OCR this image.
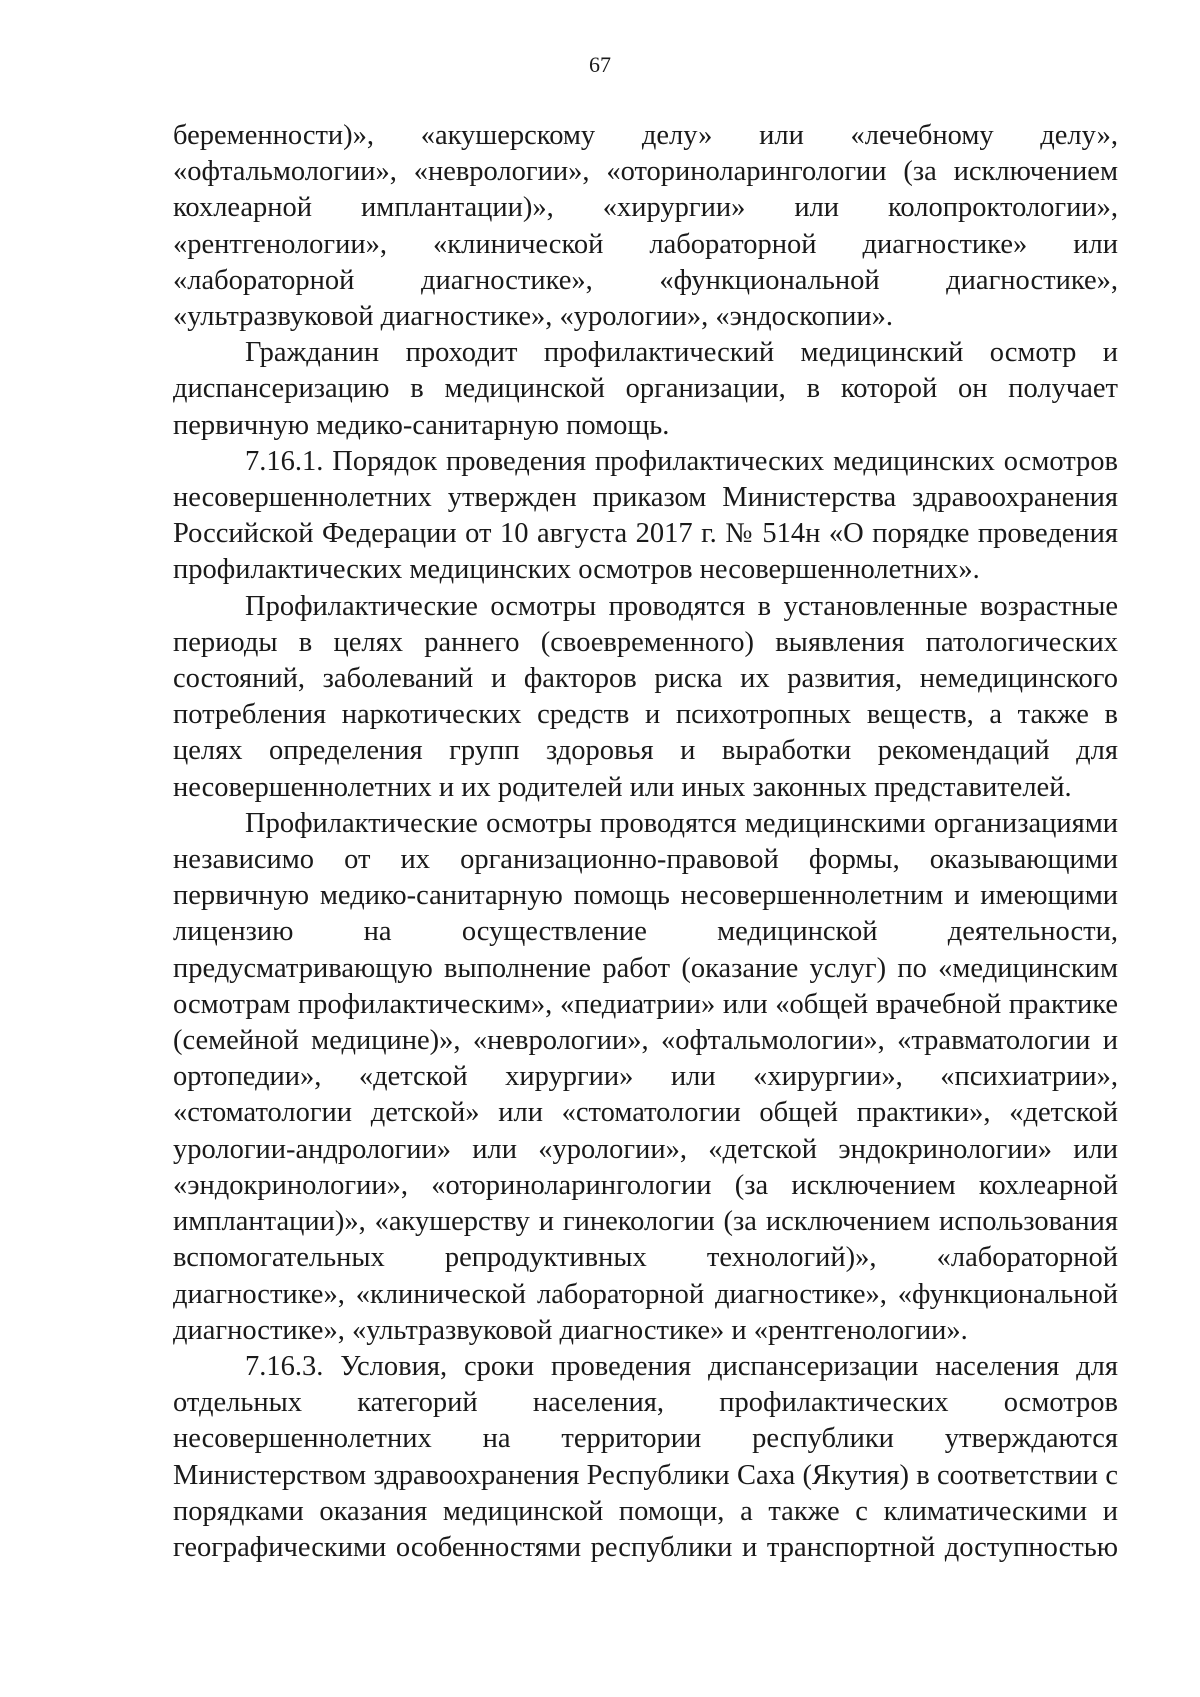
67

беременности)», «акушерскому делу» или «лечебному делу», «офтальмологии», «неврологии», «оториноларингологии (за исключением кохлеарной имплантации)», «хирургии» или колопроктологии», «рентгенологии», «клинической лабораторной диагностике» или «лабораторной диагностике», «функциональной диагностике», «ультразвуковой диагностике», «урологии», «эндоскопии».

Гражданин проходит профилактический медицинский осмотр и диспансеризацию в медицинской организации, в которой он получает первичную медико-санитарную помощь.

7.16.1. Порядок проведения профилактических медицинских осмотров несовершеннолетних утвержден приказом Министерства здравоохранения Российской Федерации от 10 августа 2017 г. № 514н «О порядке проведения профилактических медицинских осмотров несовершеннолетних».

Профилактические осмотры проводятся в установленные возрастные периоды в целях раннего (своевременного) выявления патологических состояний, заболеваний и факторов риска их развития, немедицинского потребления наркотических средств и психотропных веществ, а также в целях определения групп здоровья и выработки рекомендаций для несовершеннолетних и их родителей или иных законных представителей.

Профилактические осмотры проводятся медицинскими организациями независимо от их организационно-правовой формы, оказывающими первичную медико-санитарную помощь несовершеннолетним и имеющими лицензию на осуществление медицинской деятельности, предусматривающую выполнение работ (оказание услуг) по «медицинским осмотрам профилактическим», «педиатрии» или «общей врачебной практике (семейной медицине)», «неврологии», «офтальмологии», «травматологии и ортопедии», «детской хирургии» или «хирургии», «психиатрии», «стоматологии детской» или «стоматологии общей практики», «детской урологии-андрологии» или «урологии», «детской эндокринологии» или «эндокринологии», «оториноларингологии (за исключением кохлеарной имплантации)», «акушерству и гинекологии (за исключением использования вспомогательных репродуктивных технологий)», «лабораторной диагностике», «клинической лабораторной диагностике», «функциональной диагностике», «ультразвуковой диагностике» и «рентгенологии».

7.16.3. Условия, сроки проведения диспансеризации населения для отдельных категорий населения, профилактических осмотров несовершеннолетних на территории республики утверждаются Министерством здравоохранения Республики Саха (Якутия) в соответствии с порядками оказания медицинской помощи, а также с климатическими и географическими особенностями республики и транспортной доступностью
